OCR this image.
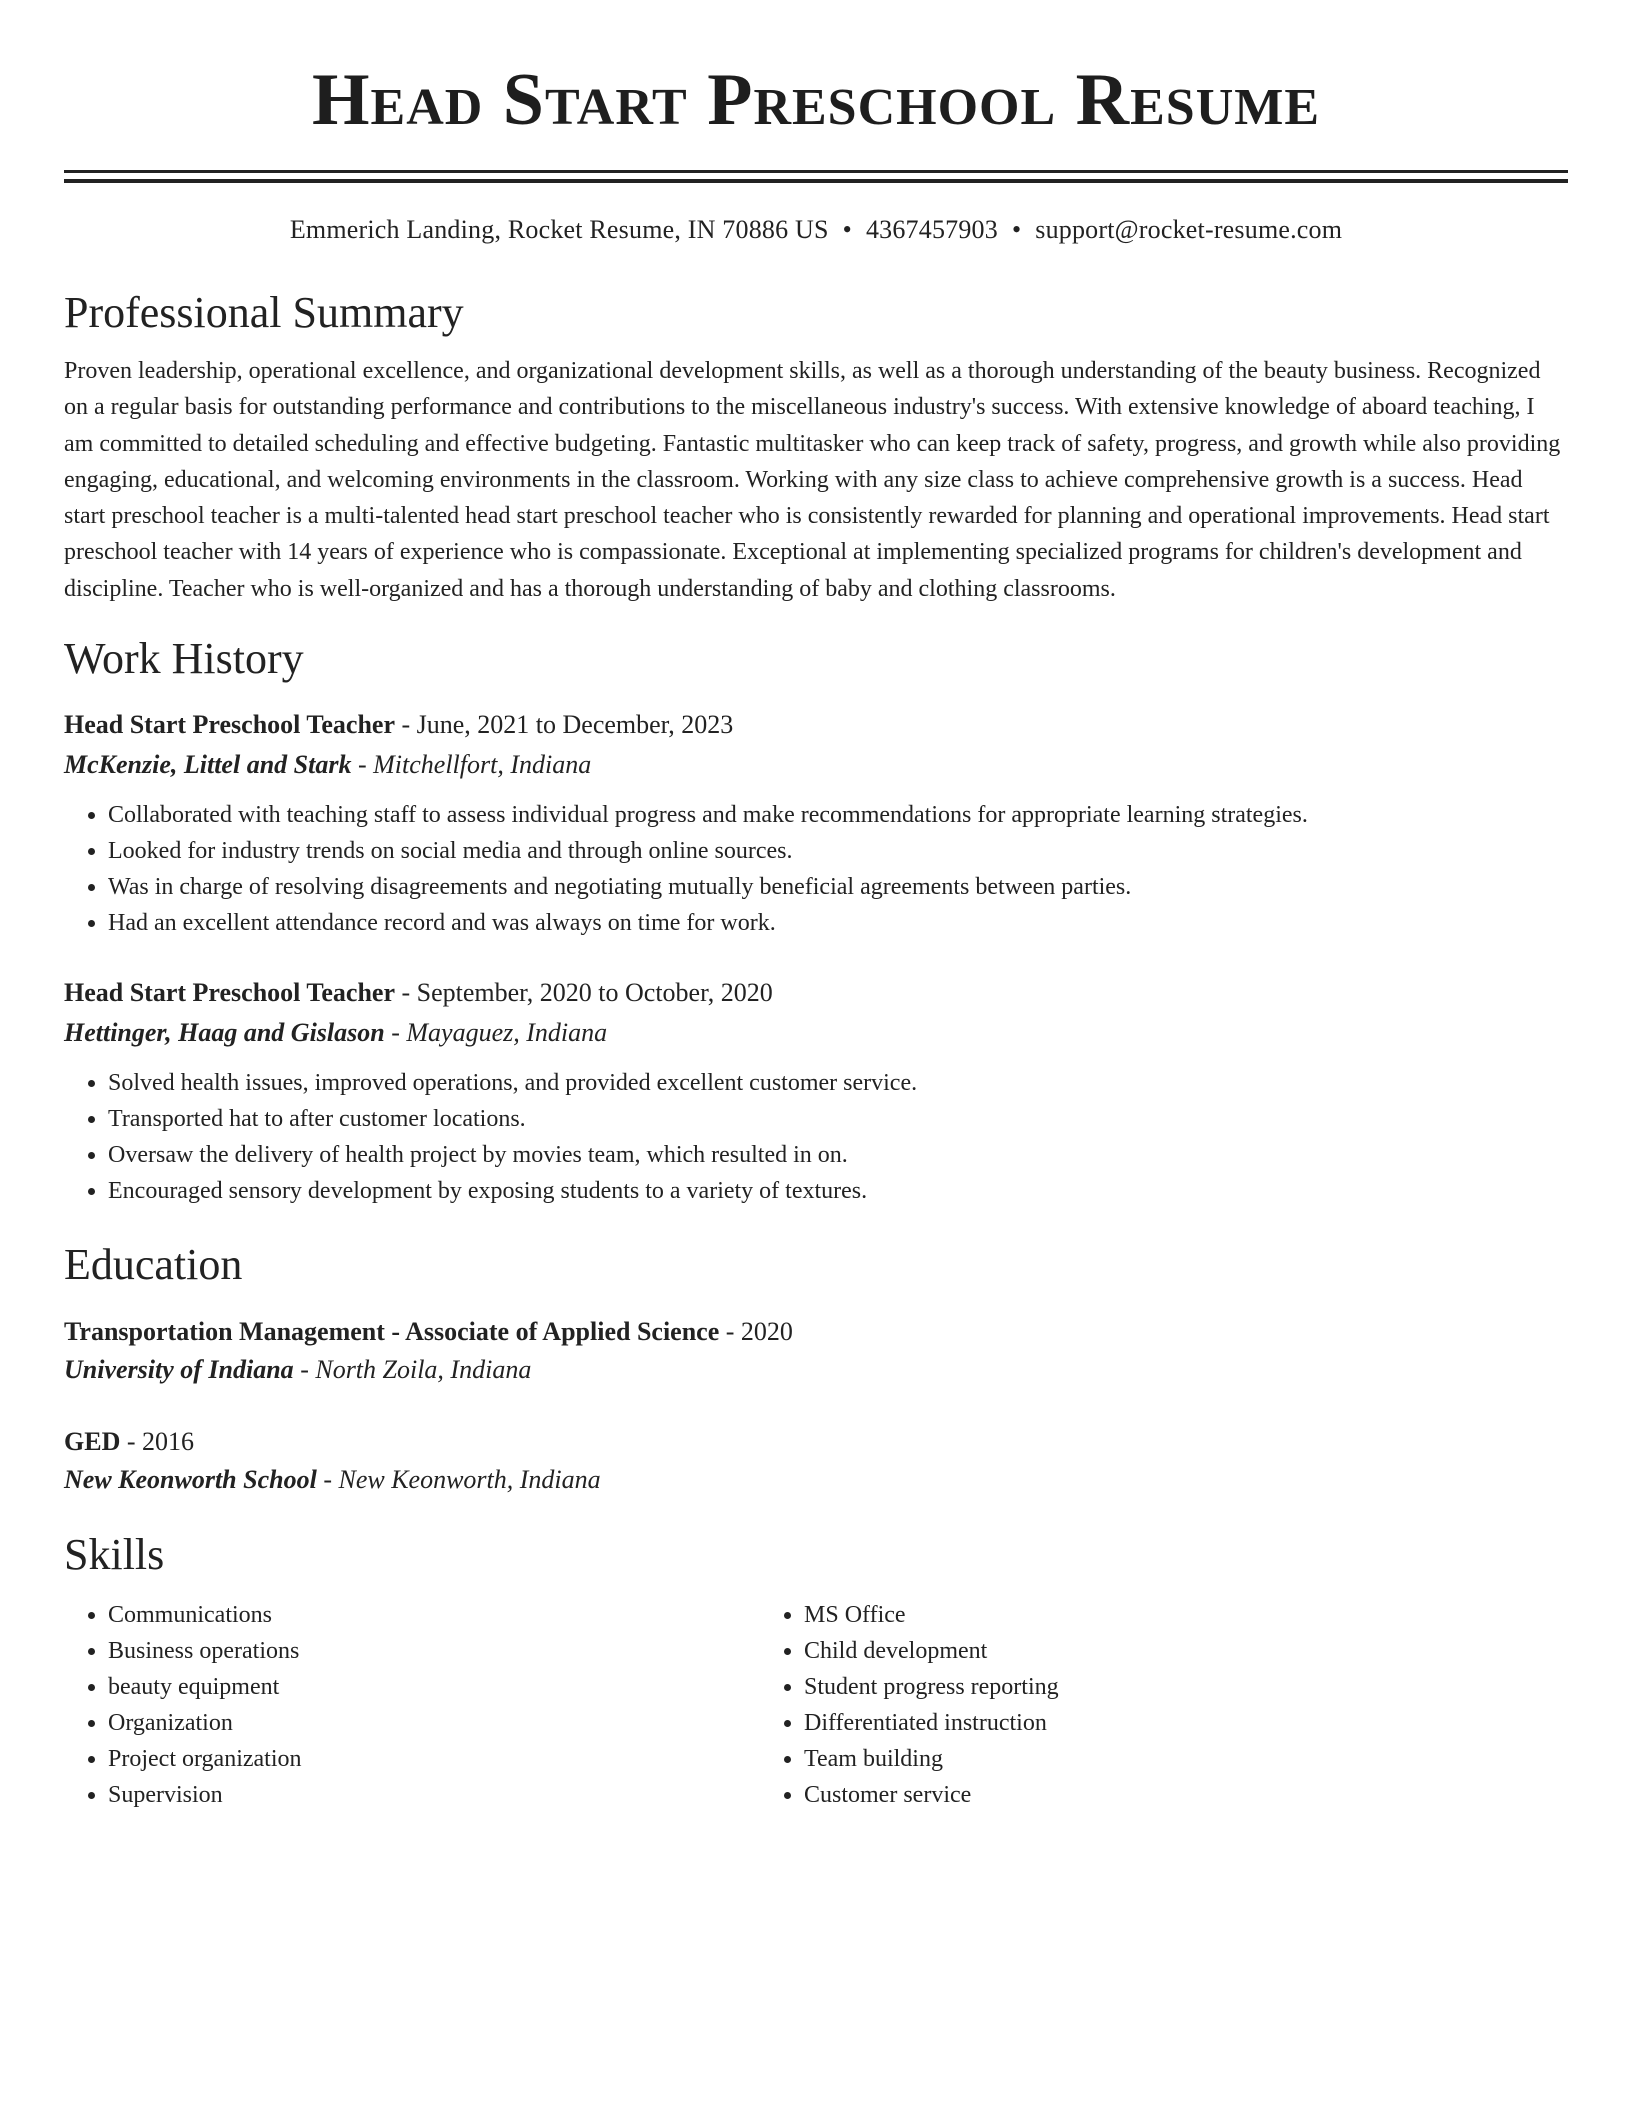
Head Start Preschool Resume
Emmerich Landing, Rocket Resume, IN 70886 US • 4367457903 • support@rocket-resume.com
Professional Summary
Proven leadership, operational excellence, and organizational development skills, as well as a thorough understanding of the beauty business. Recognized on a regular basis for outstanding performance and contributions to the miscellaneous industry's success. With extensive knowledge of aboard teaching, I am committed to detailed scheduling and effective budgeting. Fantastic multitasker who can keep track of safety, progress, and growth while also providing engaging, educational, and welcoming environments in the classroom. Working with any size class to achieve comprehensive growth is a success. Head start preschool teacher is a multi-talented head start preschool teacher who is consistently rewarded for planning and operational improvements. Head start preschool teacher with 14 years of experience who is compassionate. Exceptional at implementing specialized programs for children's development and discipline. Teacher who is well-organized and has a thorough understanding of baby and clothing classrooms.
Work History
Head Start Preschool Teacher - June, 2021 to December, 2023
McKenzie, Littel and Stark - Mitchellfort, Indiana
• Collaborated with teaching staff to assess individual progress and make recommendations for appropriate learning strategies.
• Looked for industry trends on social media and through online sources.
• Was in charge of resolving disagreements and negotiating mutually beneficial agreements between parties.
• Had an excellent attendance record and was always on time for work.
Head Start Preschool Teacher - September, 2020 to October, 2020
Hettinger, Haag and Gislason - Mayaguez, Indiana
• Solved health issues, improved operations, and provided excellent customer service.
• Transported hat to after customer locations.
• Oversaw the delivery of health project by movies team, which resulted in on.
• Encouraged sensory development by exposing students to a variety of textures.
Education
Transportation Management - Associate of Applied Science - 2020
University of Indiana - North Zoila, Indiana
GED - 2016
New Keonworth School - New Keonworth, Indiana
Skills
• Communications
• Business operations
• beauty equipment
• Organization
• Project organization
• Supervision
• MS Office
• Child development
• Student progress reporting
• Differentiated instruction
• Team building
• Customer service
